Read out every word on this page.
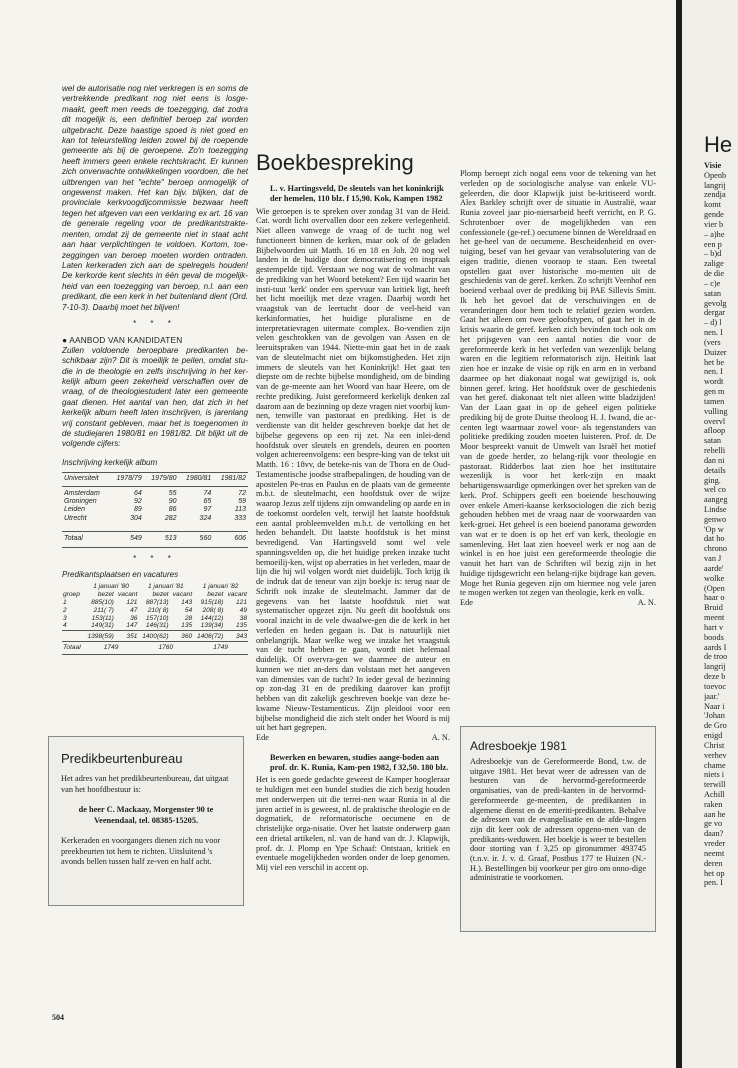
wel de autorisatie nog niet verkregen is en soms de vertrekkende predikant nog niet eens is losge-maakt, geeft men reeds de toezegging, dat zodra dit mogelijk is, een definitief beroep zal worden uitgebracht. Deze haastige spoed is niet goed en kan tot teleurstelling leiden zowel bij de roepende gemeente als bij de geroepene. Zo'n toezegging heeft immers geen enkele rechtskracht. Er kunnen zich onverwachte ontwikkelingen voordoen, die het uitbrengen van het "echte" beroep onmogelijk of ongewenst maken. Het kan bijv. blijken, dat de provinciale kerkvoogdijcommissie bezwaar heeft tegen het afgeven van een verklaring ex art. 16 van de generale regeling voor de predikantstrakte-menten, omdat zij de gemeente niet in staat acht aan haar verplichtingen te voldoen. Kortom, toe-zeggingen van beroep moeten worden ontraden. Laten kerkeraden zich aan de spelregels houden! De kerkorde kent slechts in één geval de mogelijk-heid van een toezegging van beroep, n.l. aan een predikant, die een kerk in het buitenland dient (Ord. 7-10-3). Daarbij moet het blijven!

* * *
● AANBOD VAN KANDIDATEN

Zullen voldoende beroepbare predikanten be-schikbaar zijn? Dit is moeilijk te peilen, omdat stu-die in de theologie en zelfs inschrijving in het ker-kelijk album geen zekerheid verschaffen over de vraag, of de theologiestudent later een gemeente gaat dienen. Het aantal van hen, dat zich in het kerkelijk album heeft laten inschrijven, is jarenlang vrij constant gebleven, maar het is toegenomen in de studiejaren 1980/81 en 1981/82. Dit blijkt uit de volgende cijfers:

Inschrijving kerkelijk album
Universiteit	1978/79	1979/80	1980/81	1981/82

Amsterdam	64	55	74	72
Groningen	92	90	65	59
Leiden	89	86	97	113
Utrecht	304	282	324	333

Totaal	549	513	560	606
* * *
Predikantsplaatsen en vacatures
	1 januari '80		1 januari '81		1 januari '82	
groep	bezet	vacant	bezet	vacant	bezet	vacant
1	885(10)	121	887(13)	143	915(18)	121
2	211( 7)	47	210( 8)	54	208( 8)	49
3	153(11)	36	157(10)	28	144(12)	38
4	149(31)	147	146(31)	135	139(34)	135
	1398(59)	351	1400(62)	360	1406(72)	343
Totaal	1749		1760		1749	
Predikbeurtenbureau

Het adres van het predikbeurtenbureau, dat uitgaat van het hoofdbestuur is:

de heer C. Mackaay, Morgenster 90 te Veenendaal, tel. 08385-15205.

Kerkeraden en voorgangers dienen zich nu voor preekbeurten tot hem te richten. Uitsluitend 's avonds bellen tussen half ze-ven en half acht.

504
Boekbespreking

L. v. Hartingsveld, De sleutels van het koninkrijk der hemelen, 110 blz. f 15,90. Kok, Kampen 1982

Wie geroepen is te spreken over zondag 31 van de Heid. Cat. wordt licht overvallen door een zekere verlegenheid. Niet alleen vanwege de vraag of de tucht nog wel functioneert binnen de kerken, maar ook of de geladen Bijbelwoorden uit Matth. 16 en 18 en Joh. 20 nog wel landen in de huidige door democratisering en inspraak gestempelde tijd. Verstaan we nog wat de volmacht van de prediking van het Woord betekent? Een tijd waarin het insti-tuut 'kerk' onder een spervuur van kritiek ligt, heeft het licht moeilijk met deze vragen. Daarbij wordt het vraagstuk van de leertucht door de veel-heid van kerkinformaties, het huidige pluralisme en de interpretatievragen uitermate complex. Bo-vendien zijn velen geschrokken van de gevolgen van Assen en de leeruitspraken van 1944. Niette-min gaat het in de zaak van de sleutelmacht niet om bijkomstigheden. Het zijn immers de sleutels van het Koninkrijk! Het gaat ten diepste om de rechte bijbelse mondigheid, om de binding van de ge-meente aan het Woord van haar Heere, om de rechte prediking. Juist gereformeerd kerkelijk denken zal daarom aan de bezinning op deze vragen niet voorbij kun-nen, tenwille van pastoraat en prediking. Het is de verdienste van dit helder geschreven boekje dat het de bijbelse gegevens op een rij zet. Na een inlei-dend hoofdstuk over sleutels en grendels, deuren en poorten volgen achtereenvolgens: een bespre-king van de tekst uit Matth. 16 : 18vv, de beteke-nis van de Thora en de Oud-Testamentische joodse strafbepalingen, de houding van de apostelen Pe-trus en Paulus en de plaats van de gemeente m.b.t. de sleutelmacht, een hoofdstuk over de wijze waarop Jezus zelf tijdens zijn omwandeling op aarde en in de toekomst oordelen velt, terwijl het laatste hoofdstuk een aantal probleemvelden m.b.t. de vertolking en het heden behandelt. Dit laatste hoofdstuk is het minst bevredigend. Van Hartingsveld somt wel vele spanningsvelden op, die het huidige preken inzake tucht bemoeilij-ken, wijst op aberraties in het verleden, maar de lijn die hij wil volgen wordt niet duidelijk. Toch krijg ik de indruk dat de teneur van zijn boekje is: terug naar de Schrift ook inzake de sleutelmacht. Jammer dat de gegevens van het laatste hoofdstuk niet wat systematischer opgezet zijn. Nu geeft dit hoofdstuk ons vooral inzicht in de vele dwaalwe-gen die de kerk in het verleden en heden gegaan is. Dat is natuurlijk niet onbelangrijk. Maar welke weg we inzake het vraagstuk van de tucht hebben te gaan, wordt niet helemaal duidelijk. Of overvra-gen we daarmee de auteur en kunnen we niet an-ders dan volstaan met het aangeven van dimensies van de tucht? In ieder geval de bezinning op zon-dag 31 en de prediking daarover kan profijt hebben van dit zakelijk geschreven boekje van deze be-kwame Nieuw-Testamenticus. Zijn pleidooi voor een bijbelse mondigheid die zich stelt onder het Woord is mij uit het hart gegrepen.

Ede	A. N.

Bewerken en bewaren, studies aange-boden aan prof. dr. K. Runia, Kam-pen 1982, f 32,50. 180 blz.

Het is een goede gedachte geweest de Kamper hoogleraar te huldigen met een bundel studies die zich bezig houden met onderwerpen uit die terrei-nen waar Runia in al die jaren actief in is geweest, nl. de praktische theologie en de dogmatiek, de reformatorische oecumene en de christelijke orga-nisatie. Over het laatste onderwerp gaan een drietal artikelen, nl. van de hand van dr. J. Klapwijk, prof. dr. J. Plomp en Ype Schaaf: Ontstaan, kritiek en eventuele mogelijkheden worden onder de loep genomen. Mij viel een verschil in accent op.

Plomp beroept zich nogal eens voor de tekening van het verleden op de sociologische analyse van enkele VU-geleerden, die door Klapwijk juist be-kritiseerd wordt. Alex Barkley schrijft over de situatie in Australië, waar Runia zoveel jaar pio-niersarbeid heeft verricht, en P. G. Schrotenboer over de mogelijkheden van een confessionele (ge-ref.) oecumene binnen de Wereldraad en het ge-heel van de oecumene. Bescheidenheid en over-tuiging, besef van het gevaar van verabsolutering van de eigen traditie, dienen vooraop te staan. Een tweetal opstellen gaat over historische mo-menten uit de geschiedenis van de geref. kerken. Zo schrijft Veenhof een boeiend verhaal over de prediking bij PAE Sillevis Smitt. Ik heb het gevoel dat de verschuivingen en de veranderingen door hem toch te relatief gezien worden. Gaat het alleen om twee geloofstypen, of gaat het in de krisis waarin de geref. kerken zich bevinden toch ook om het prijsgeven van een aantal noties die voor de gereformeerde kerk in het verleden van wezenlijk belang waren en die legitiem reformatorisch zijn. Heitink laat zien hoe er inzake de visie op rijk en arm en in verband daarmee op het diakonaat nogal wat gewijzigd is, ook binnen geref. kring. Het hoofdstuk over de geschiedenis van het geref. diakonaat telt niet alleen witte bladzijden! Van der Laan gaat in op de geheel eigen politieke prediking bij de grote Duitse theoloog H. J. Iwand, die ac-centen legt waarmaar zowel voor- als tegenstanders van politieke prediking zouden moeten luisteren. Prof. dr. De Moor bespreekt vanuit de Umwelt van Israël het motief van de goede herder, zo belang-rijk voor theologie en pastoraat. Ridderbos laat zien hoe het institutaire wezenlijk is voor het kerk-zijn en maakt behartigenswaardige opmerkingen over het spreken van de kerk. Prof. Schippers geeft een boeiende beschouwing over enkele Ameri-kaanse kerksociologen die zich bezig gehouden hebben met de vraag naar de voorwaarden van kerk-groei. Het geheel is een boeiend panorama geworden van wat er te doen is op het erf van kerk, theologie en samenleving. Het laat zien hoeveel werk er nog aan de winkel is en hoe juist een gereformeerde theologie die vanuit het hart van de Schriften wil bezig zijn in het huidige tijdsgewricht een belang-rijke bijdrage kan geven. Moge het Runia gegeven zijn om hiermee nog vele jaren te mogen werken tot zegen van theologie, kerk en volk.

Ede	A. N.
Adresboekje 1981

Adresboekje van de Gereformeerde Bond, t.w. de uitgave 1981. Het bevat weer de adressen van de besturen van de hervormd-gereformeerde organisaties, van de predi-kanten in de hervormd-gereformeerde ge-meenten, de predikanten in algemene dienst en de emeriti-predikanten. Behalve de adressen van de evangelisatie en de afde-lingen zijn dit keer ook de adressen opgeno-men van de predikants-weduwen. Het boekje is weer te bestellen door storting van f 3,25 op gironummer 493745 (t.n.v. ir. J. v. d. Graaf, Postbus 177 te Huizen (N.-H.). Bestellingen bij voorkeur per giro om onno-dige administratie te voorkomen.

He
Visie
Openb
langrij
zendja
komt
gende
vier b
– a)he
een p
– b)d
zalige
de die
– c)e
satan
gevolg
dergar
– d) l
nen. I
(vers
Duizer
het be
nen. I
wordt
gen m
tamen
vulling
overvl
afloop
satan
rebelli
dan ni
details
ging.
wel co
aangeg
Lindse
genwo
'Op w
dat ho
chrono
van J
aarde'
wolke
(Open
haar o
Bruid
meent
hart v
boods
aards I
de troo
langrij
deze b
toevoc
jaar.'
Naar i
'Johan
de Gro
enigd
Christ
verhev
chame
niets i
terwill
Achill
raken
aan he
ge vo
daan?
vreder
neemt
deren
het op
pen. I
